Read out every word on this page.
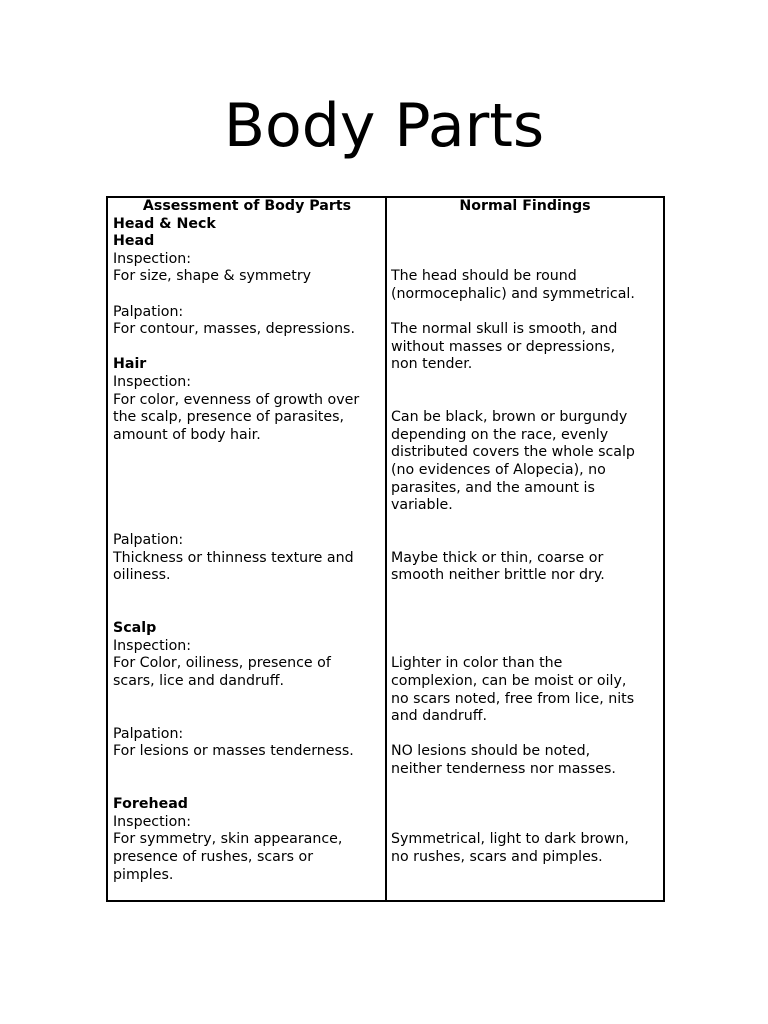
Body Parts
Assessment of Body Parts
Head & Neck
Head
Inspection:
For size, shape & symmetry
Palpation:
For contour, masses, depressions.
Hair
Inspection:
For color, evenness of growth over
the scalp, presence of parasites,
amount of body hair.
Palpation:
Thickness or thinness texture and
oiliness.
Scalp
Inspection:
For Color, oiliness, presence of
scars, lice and dandruff.
Palpation:
For lesions or masses tenderness.
Forehead
Inspection:
For symmetry, skin appearance,
presence of rushes, scars or
pimples.
Normal Findings
The head should be round
(normocephalic) and symmetrical.
The normal skull is smooth, and
without masses or depressions,
non tender.
Can be black, brown or burgundy
depending on the race, evenly
distributed covers the whole scalp
(no evidences of Alopecia), no
parasites, and the amount is
variable.
Maybe thick or thin, coarse or
smooth neither brittle nor dry.
Lighter in color than the
complexion, can be moist or oily,
no scars noted, free from lice, nits
and dandruff.
NO lesions should be noted,
neither tenderness nor masses.
Symmetrical, light to dark brown,
no rushes, scars and pimples.
